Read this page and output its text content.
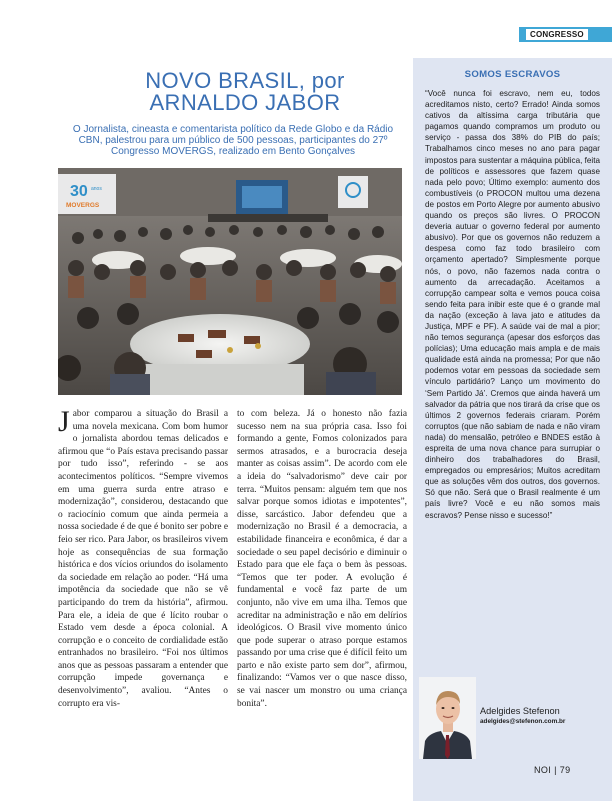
CONGRESSO
NOVO BRASIL, por
ARNALDO JABOR
O Jornalista, cineasta e comentarista político da Rede Globo e da Rádio CBN, palestrou para um público de 500 pessoas, participantes do 27º Congresso MOVERGS, realizado em Bento Gonçalves
30 anos
MOVERGS
Jabor comparou a situação do Brasil a uma novela mexicana. Com bom humor o jornalista abordou temas delicados e afirmou que “o País estava precisando passar por tudo isso”, referindo - se aos acontecimentos políticos. “Sempre vivemos em uma guerra surda entre atraso e modernização”, considerou, destacando que o raciocínio comum que ainda permeia a nossa sociedade é de que é bonito ser pobre e feio ser rico. Para Jabor, os brasileiros vivem hoje as consequências de sua formação histórica e dos vícios oriundos do isolamento da sociedade em relação ao poder. “Há uma impotência da sociedade que não se vê participando do trem da história”, afirmou. Para ele, a ideia de que é lícito roubar o Estado vem desde a época colonial. A corrupção e o conceito de cordialidade estão entranhados no brasileiro. “Foi nos últimos anos que as pessoas passaram a entender que corrupção impede governança e desenvolvimento”, avaliou. “Antes o corrupto era vis-
to com beleza. Já o honesto não fazia sucesso nem na sua própria casa. Isso foi formando a gente, Fomos colonizados para sermos atrasados, e a burocracia deseja manter as coisas assim”. De acordo com ele a ideia do “salvadorismo” deve cair por terra. “Muitos pensam: alguém tem que nos salvar porque somos idiotas e impotentes”, disse, sarcástico. Jabor defendeu que a modernização no Brasil é a democracia, a estabilidade financeira e econômica, é dar a sociedade o seu papel decisório e diminuir o Estado para que ele faça o bem às pessoas. “Temos que ter poder. A evolução é fundamental e você faz parte de um conjunto, não vive em uma ilha. Temos que acreditar na administração e não em delírios ideológicos. O Brasil vive momento único que pode superar o atraso porque estamos passando por uma crise que é difícil feito um parto e não existe parto sem dor”, afirmou, finalizando: “Vamos ver o que nasce disso, se vai nascer um monstro ou uma criança bonita”.
SOMOS ESCRAVOS
“Você nunca foi escravo, nem eu, todos acreditamos nisto, certo? Errado! Ainda somos cativos da altíssima carga tributária que pagamos quando compramos um produto ou serviço - passa dos 38% do PIB do país; Trabalhamos cinco meses no ano para pagar impostos para sustentar a máquina pública, feita de políticos e assessores que fazem quase nada pelo povo; Último exemplo: aumento dos combustíveis (o PROCON multou uma dezena de postos em Porto Alegre por aumento abusivo quando os preços são livres. O PROCON deveria autuar o governo federal por aumento abusivo). Por que os governos não reduzem a despesa como faz todo brasileiro com orçamento apertado? Simplesmente porque nós, o povo, não fazemos nada contra o aumento da arrecadação. Aceitamos a corrupção campear solta e vemos pouca coisa sendo feita para inibir este que é o grande mal da nação (exceção à lava jato e atitudes da Justiça, MPF e PF). A saúde vai de mal a pior; não temos segurança (apesar dos esforços das polícias); Uma educação mais ampla e de mais qualidade está ainda na promessa; Por que não podemos votar em pessoas da sociedade sem vínculo partidário? Lanço um movimento do ‘Sem Partido Já’. Cremos que ainda haverá um salvador da pátria que nos tirará da crise que os últimos 2 governos federais criaram. Porém corruptos (que não sabiam de nada e não viram nada) do mensalão, petróleo e BNDES estão à espreita de uma nova chance para surrupiar o dinheiro dos trabalhadores do Brasil, empregados ou empresários; Muitos acreditam que as soluções vêm dos outros, dos governos. Só que não. Será que o Brasil realmente é um país livre? Você e eu não somos mais escravos? Pense nisso e sucesso!”
Adelgides Stefenon
adelgides@stefenon.com.br
NOI | 79
